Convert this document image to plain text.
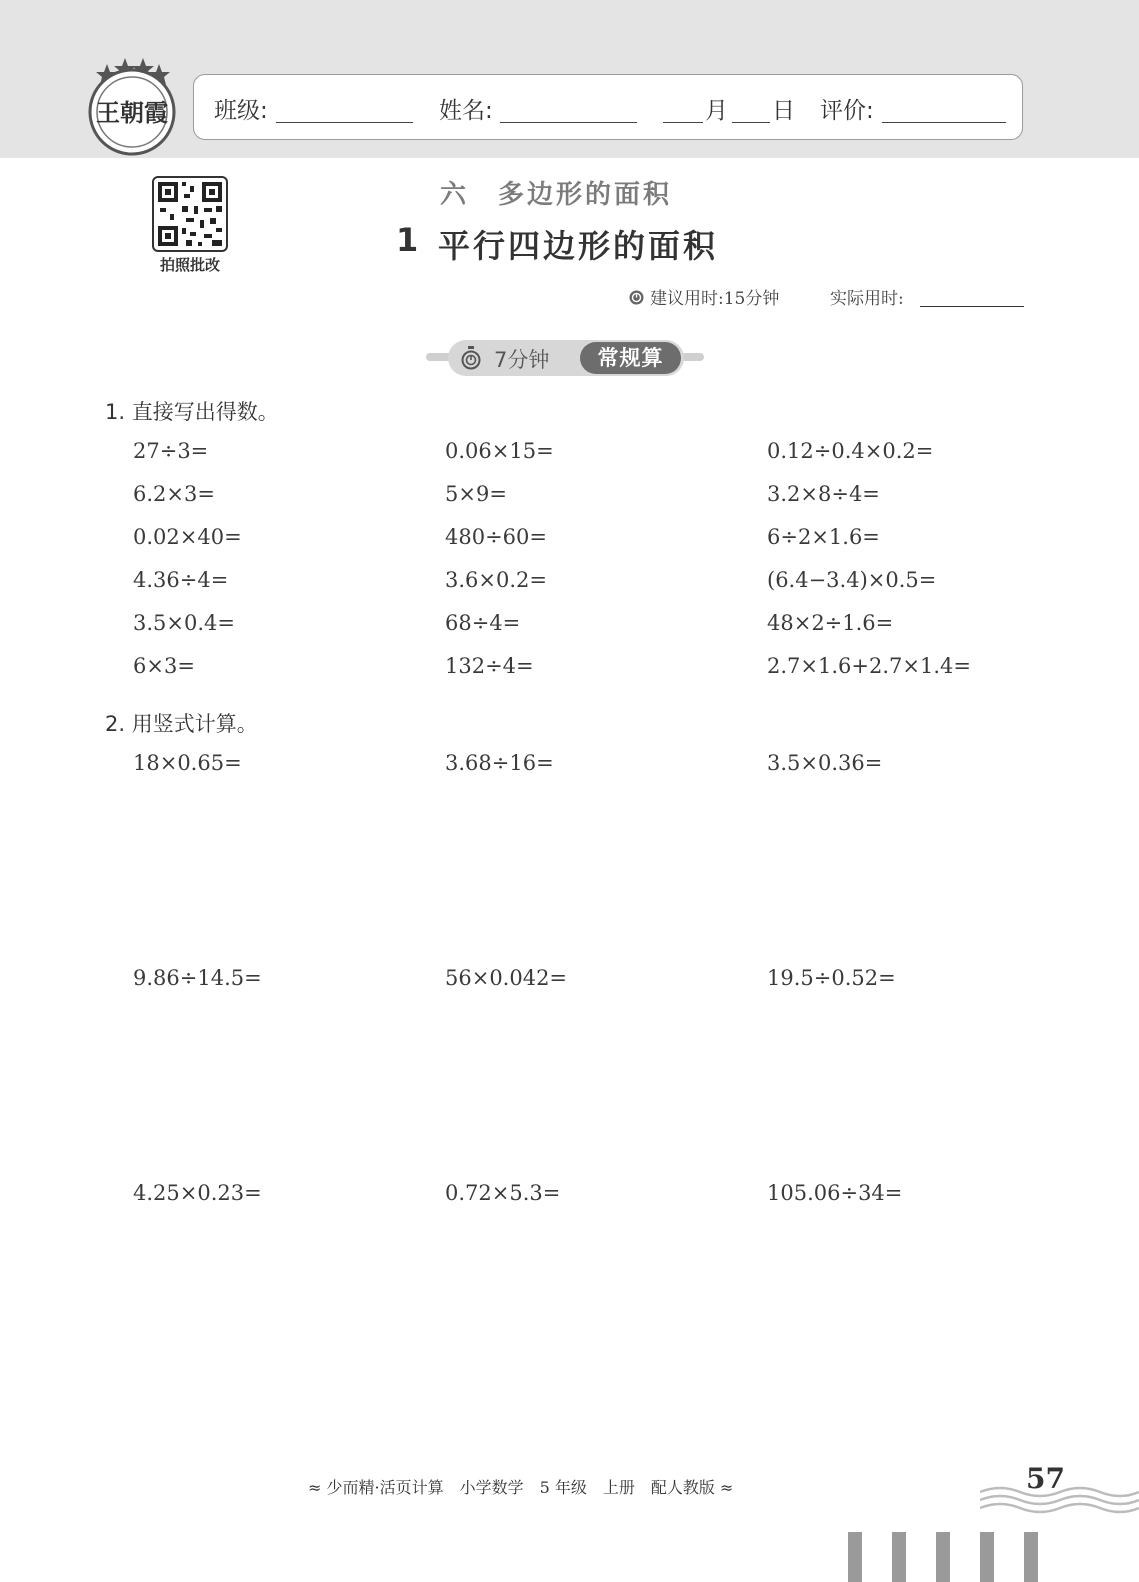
王朝霞 班级:	姓名:	月 日 评价:
拍照批改
六　多边形的面积
1 平行四边形的面积
建议用时:15分钟	实际用时:
7分钟	常规算
1. 直接写出得数。
27÷3=	0.06×15=	0.12÷0.4×0.2=
6.2×3=	5×9=	3.2×8÷4=
0.02×40=	480÷60=	6÷2×1.6=
4.36÷4=	3.6×0.2=	(6.4−3.4)×0.5=
3.5×0.4=	68÷4=	48×2÷1.6=
6×3=	132÷4=	2.7×1.6+2.7×1.4=
2. 用竖式计算。
18×0.65=	3.68÷16=	3.5×0.36=
9.86÷14.5=	56×0.042=	19.5÷0.52=
4.25×0.23=	0.72×5.3=	105.06÷34=
≈ 少而精·活页计算　小学数学　5 年级　上册　配人教版 ≈	57
